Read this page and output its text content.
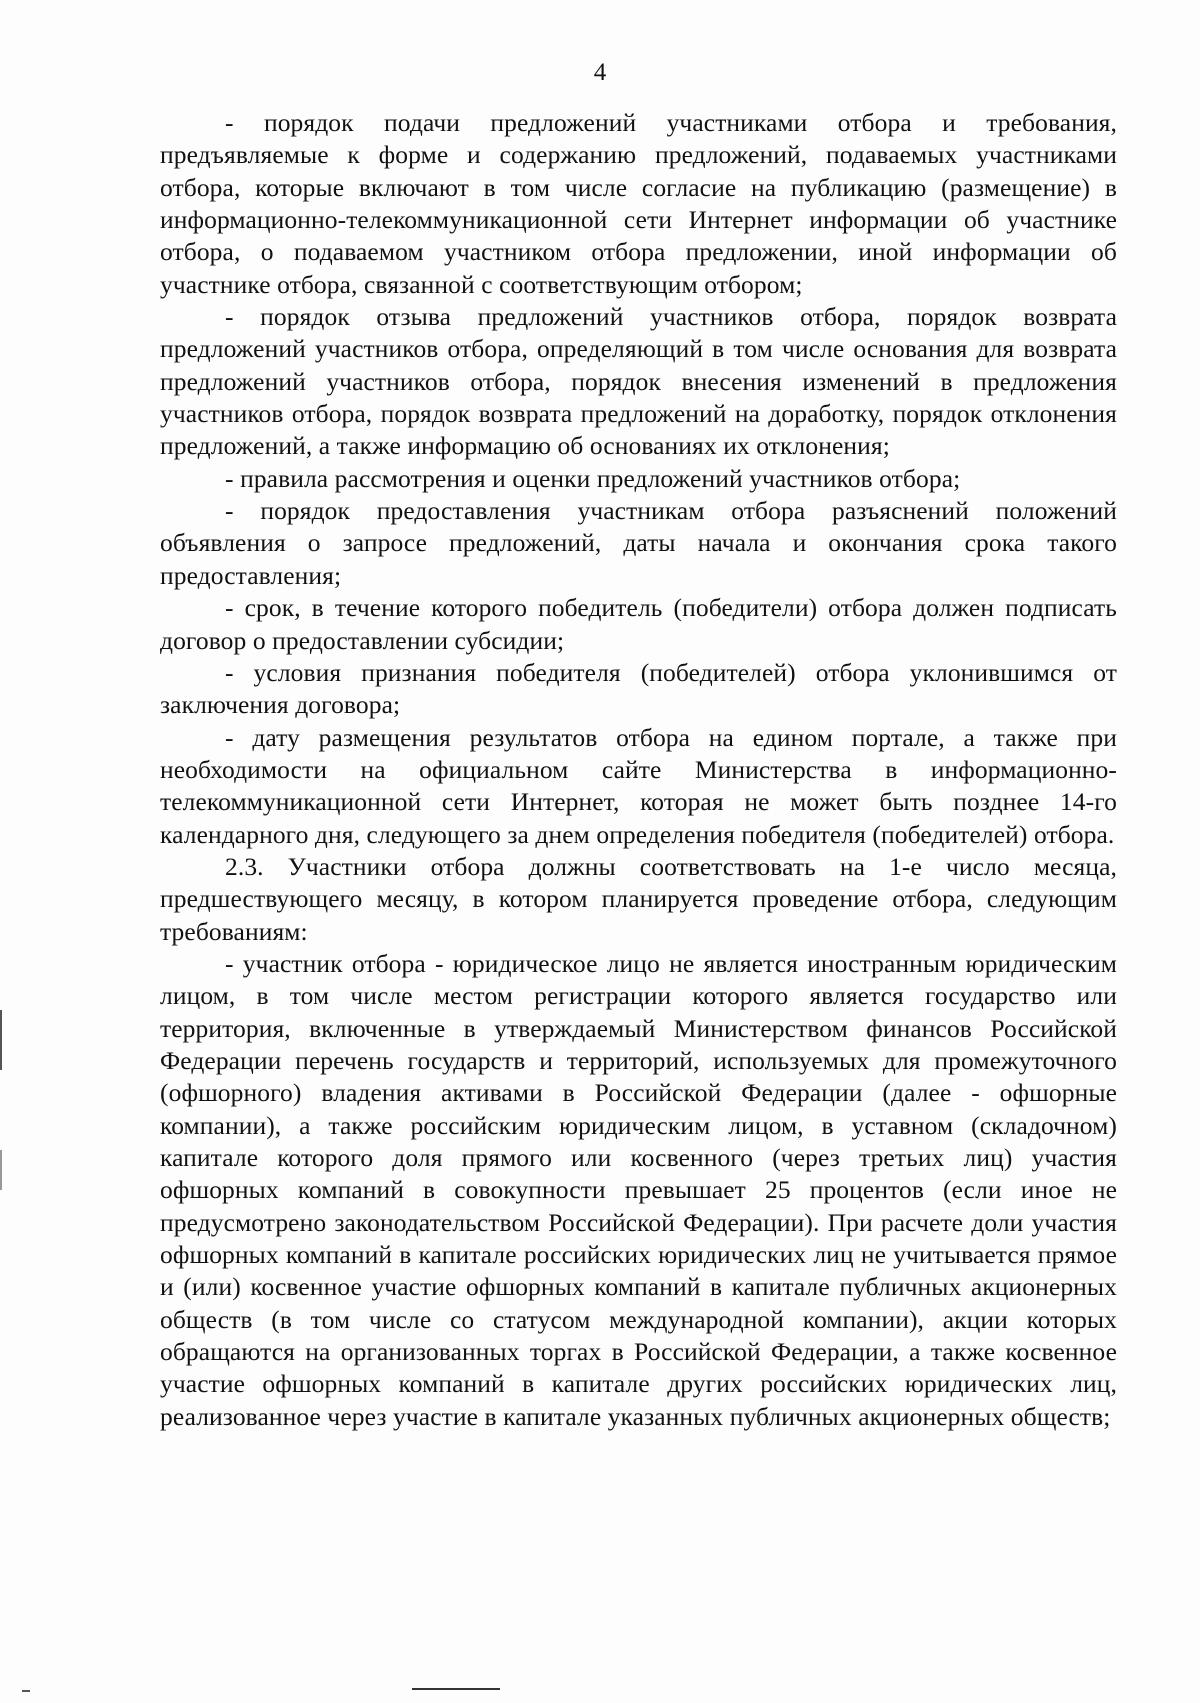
4

- порядок подачи предложений участниками отбора и требования, предъявляемые к форме и содержанию предложений, подаваемых участниками отбора, которые включают в том числе согласие на публикацию (размещение) в информационно-телекоммуникационной сети Интернет информации об участнике отбора, о подаваемом участником отбора предложении, иной информации об участнике отбора, связанной с соответствующим отбором;

- порядок отзыва предложений участников отбора, порядок возврата предложений участников отбора, определяющий в том числе основания для возврата предложений участников отбора, порядок внесения изменений в предложения участников отбора, порядок возврата предложений на доработку, порядок отклонения предложений, а также информацию об основаниях их отклонения;

- правила рассмотрения и оценки предложений участников отбора;

- порядок предоставления участникам отбора разъяснений положений объявления о запросе предложений, даты начала и окончания срока такого предоставления;

- срок, в течение которого победитель (победители) отбора должен подписать договор о предоставлении субсидии;

- условия признания победителя (победителей) отбора уклонившимся от заключения договора;

- дату размещения результатов отбора на едином портале, а также при необходимости на официальном сайте Министерства в информационно-телекоммуникационной сети Интернет, которая не может быть позднее 14-го календарного дня, следующего за днем определения победителя (победителей) отбора.

2.3. Участники отбора должны соответствовать на 1-е число месяца, предшествующего месяцу, в котором планируется проведение отбора, следующим требованиям:

- участник отбора - юридическое лицо не является иностранным юридическим лицом, в том числе местом регистрации которого является государство или территория, включенные в утверждаемый Министерством финансов Российской Федерации перечень государств и территорий, используемых для промежуточного (офшорного) владения активами в Российской Федерации (далее - офшорные компании), а также российским юридическим лицом, в уставном (складочном) капитале которого доля прямого или косвенного (через третьих лиц) участия офшорных компаний в совокупности превышает 25 процентов (если иное не предусмотрено законодательством Российской Федерации). При расчете доли участия офшорных компаний в капитале российских юридических лиц не учитывается прямое и (или) косвенное участие офшорных компаний в капитале публичных акционерных обществ (в том числе со статусом международной компании), акции которых обращаются на организованных торгах в Российской Федерации, а также косвенное участие офшорных компаний в капитале других российских юридических лиц, реализованное через участие в капитале указанных публичных акционерных обществ;
